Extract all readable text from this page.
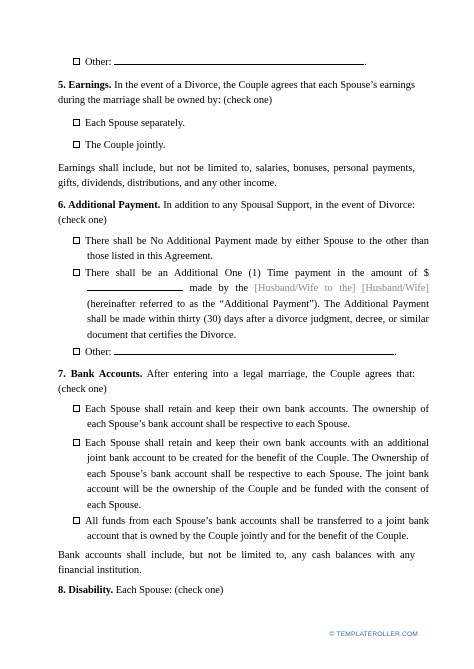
Other:	.

5. Earnings. In the event of a Divorce, the Couple agrees that each Spouse’s earnings during the marriage shall be owned by: (check one)

Each Spouse separately.

The Couple jointly.

Earnings shall include, but not be limited to, salaries, bonuses, personal payments, gifts, dividends, distributions, and any other income.

6. Additional Payment. In addition to any Spousal Support, in the event of Divorce: (check one)

There shall be No Additional Payment made by either Spouse to the other than those listed in this Agreement.

There shall be an Additional One (1) Time payment in the amount of $ made by the [Husband/Wife to the] [Husband/Wife] (hereinafter referred to as the “Additional Payment”). The Additional Payment shall be made within thirty (30) days after a divorce judgment, decree, or similar document that certifies the Divorce.

Other:	.

7. Bank Accounts. After entering into a legal marriage, the Couple agrees that: (check one)

Each Spouse shall retain and keep their own bank accounts. The ownership of each Spouse’s bank account shall be respective to each Spouse.

Each Spouse shall retain and keep their own bank accounts with an additional joint bank account to be created for the benefit of the Couple. The Ownership of each Spouse’s bank account shall be respective to each Spouse. The joint bank account will be the ownership of the Couple and be funded with the consent of each Spouse.

All funds from each Spouse’s bank accounts shall be transferred to a joint bank account that is owned by the Couple jointly and for the benefit of the Couple.

Bank accounts shall include, but not be limited to, any cash balances with any financial institution.

8. Disability. Each Spouse: (check one)

© TEMPLATEROLLER.COM
